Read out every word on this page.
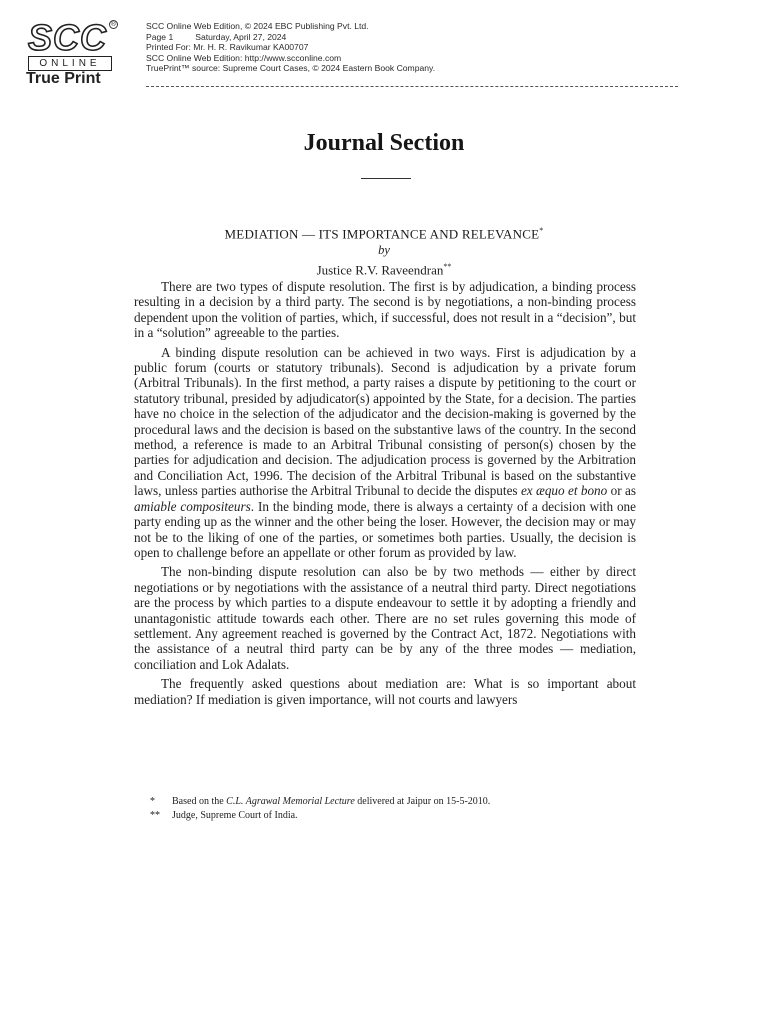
SCC ®
ONLINE
True Print
SCC Online Web Edition, © 2024 EBC Publishing Pvt. Ltd.
Page 1	Saturday, April 27, 2024
Printed For: Mr. H. R. Ravikumar KA00707
SCC Online Web Edition: http://www.scconline.com
TruePrint™ source: Supreme Court Cases, © 2024 Eastern Book Company.
Journal Section
MEDIATION — ITS IMPORTANCE AND RELEVANCE*
by
Justice R.V. Raveendran**

There are two types of dispute resolution. The first is by adjudication, a binding process resulting in a decision by a third party. The second is by negotiations, a non-binding process dependent upon the volition of parties, which, if successful, does not result in a “decision”, but in a “solution” agreeable to the parties.

A binding dispute resolution can be achieved in two ways. First is adjudication by a public forum (courts or statutory tribunals). Second is adjudication by a private forum (Arbitral Tribunals). In the first method, a party raises a dispute by petitioning to the court or statutory tribunal, presided by adjudicator(s) appointed by the State, for a decision. The parties have no choice in the selection of the adjudicator and the decision-making is governed by the procedural laws and the decision is based on the substantive laws of the country. In the second method, a reference is made to an Arbitral Tribunal consisting of person(s) chosen by the parties for adjudication and decision. The adjudication process is governed by the Arbitration and Conciliation Act, 1996. The decision of the Arbitral Tribunal is based on the substantive laws, unless parties authorise the Arbitral Tribunal to decide the disputes ex æquo et bono or as amiable compositeurs. In the binding mode, there is always a certainty of a decision with one party ending up as the winner and the other being the loser. However, the decision may or may not be to the liking of one of the parties, or sometimes both parties. Usually, the decision is open to challenge before an appellate or other forum as provided by law.

The non-binding dispute resolution can also be by two methods — either by direct negotiations or by negotiations with the assistance of a neutral third party. Direct negotiations are the process by which parties to a dispute endeavour to settle it by adopting a friendly and unantagonistic attitude towards each other. There are no set rules governing this mode of settlement. Any agreement reached is governed by the Contract Act, 1872. Negotiations with the assistance of a neutral third party can be by any of the three modes — mediation, conciliation and Lok Adalats.

The frequently asked questions about mediation are: What is so important about mediation? If mediation is given importance, will not courts and lawyers

* Based on the C.L. Agrawal Memorial Lecture delivered at Jaipur on 15-5-2010.
** Judge, Supreme Court of India.
